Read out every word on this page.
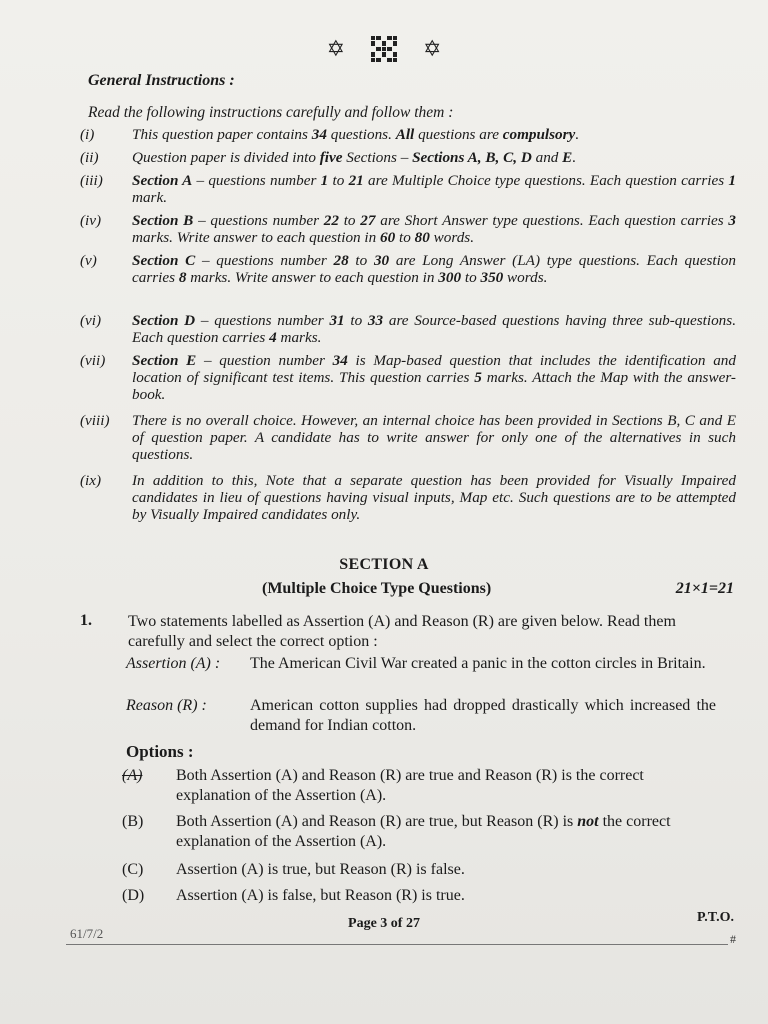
✡	✡
General Instructions :
Read the following instructions carefully and follow them :
(i)	This question paper contains 34 questions. All questions are compulsory.
(ii)	Question paper is divided into five Sections – Sections A, B, C, D and E.
(iii)	Section A – questions number 1 to 21 are Multiple Choice type questions. Each question carries 1 mark.
(iv)	Section B – questions number 22 to 27 are Short Answer type questions. Each question carries 3 marks. Write answer to each question in 60 to 80 words.
(v)	Section C – questions number 28 to 30 are Long Answer (LA) type questions. Each question carries 8 marks. Write answer to each question in 300 to 350 words.
(vi)	Section D – questions number 31 to 33 are Source-based questions having three sub-questions. Each question carries 4 marks.
(vii)	Section E – question number 34 is Map-based question that includes the identification and location of significant test items. This question carries 5 marks. Attach the Map with the answer-book.
(viii)	There is no overall choice. However, an internal choice has been provided in Sections B, C and E of question paper. A candidate has to write answer for only one of the alternatives in such questions.
(ix)	In addition to this, Note that a separate question has been provided for Visually Impaired candidates in lieu of questions having visual inputs, Map etc. Such questions are to be attempted by Visually Impaired candidates only.
SECTION A
(Multiple Choice Type Questions)	21×1=21
1. Two statements labelled as Assertion (A) and Reason (R) are given below. Read them carefully and select the correct option :
Assertion (A) : The American Civil War created a panic in the cotton circles in Britain.
Reason (R) :	American cotton supplies had dropped drastically which increased the demand for Indian cotton.
Options :
(A)	Both Assertion (A) and Reason (R) are true and Reason (R) is the correct explanation of the Assertion (A).
(B)	Both Assertion (A) and Reason (R) are true, but Reason (R) is not the correct explanation of the Assertion (A).
(C)	Assertion (A) is true, but Reason (R) is false.
(D)	Assertion (A) is false, but Reason (R) is true.
61/7/2
Page 3 of 27	P.T.O.
#
